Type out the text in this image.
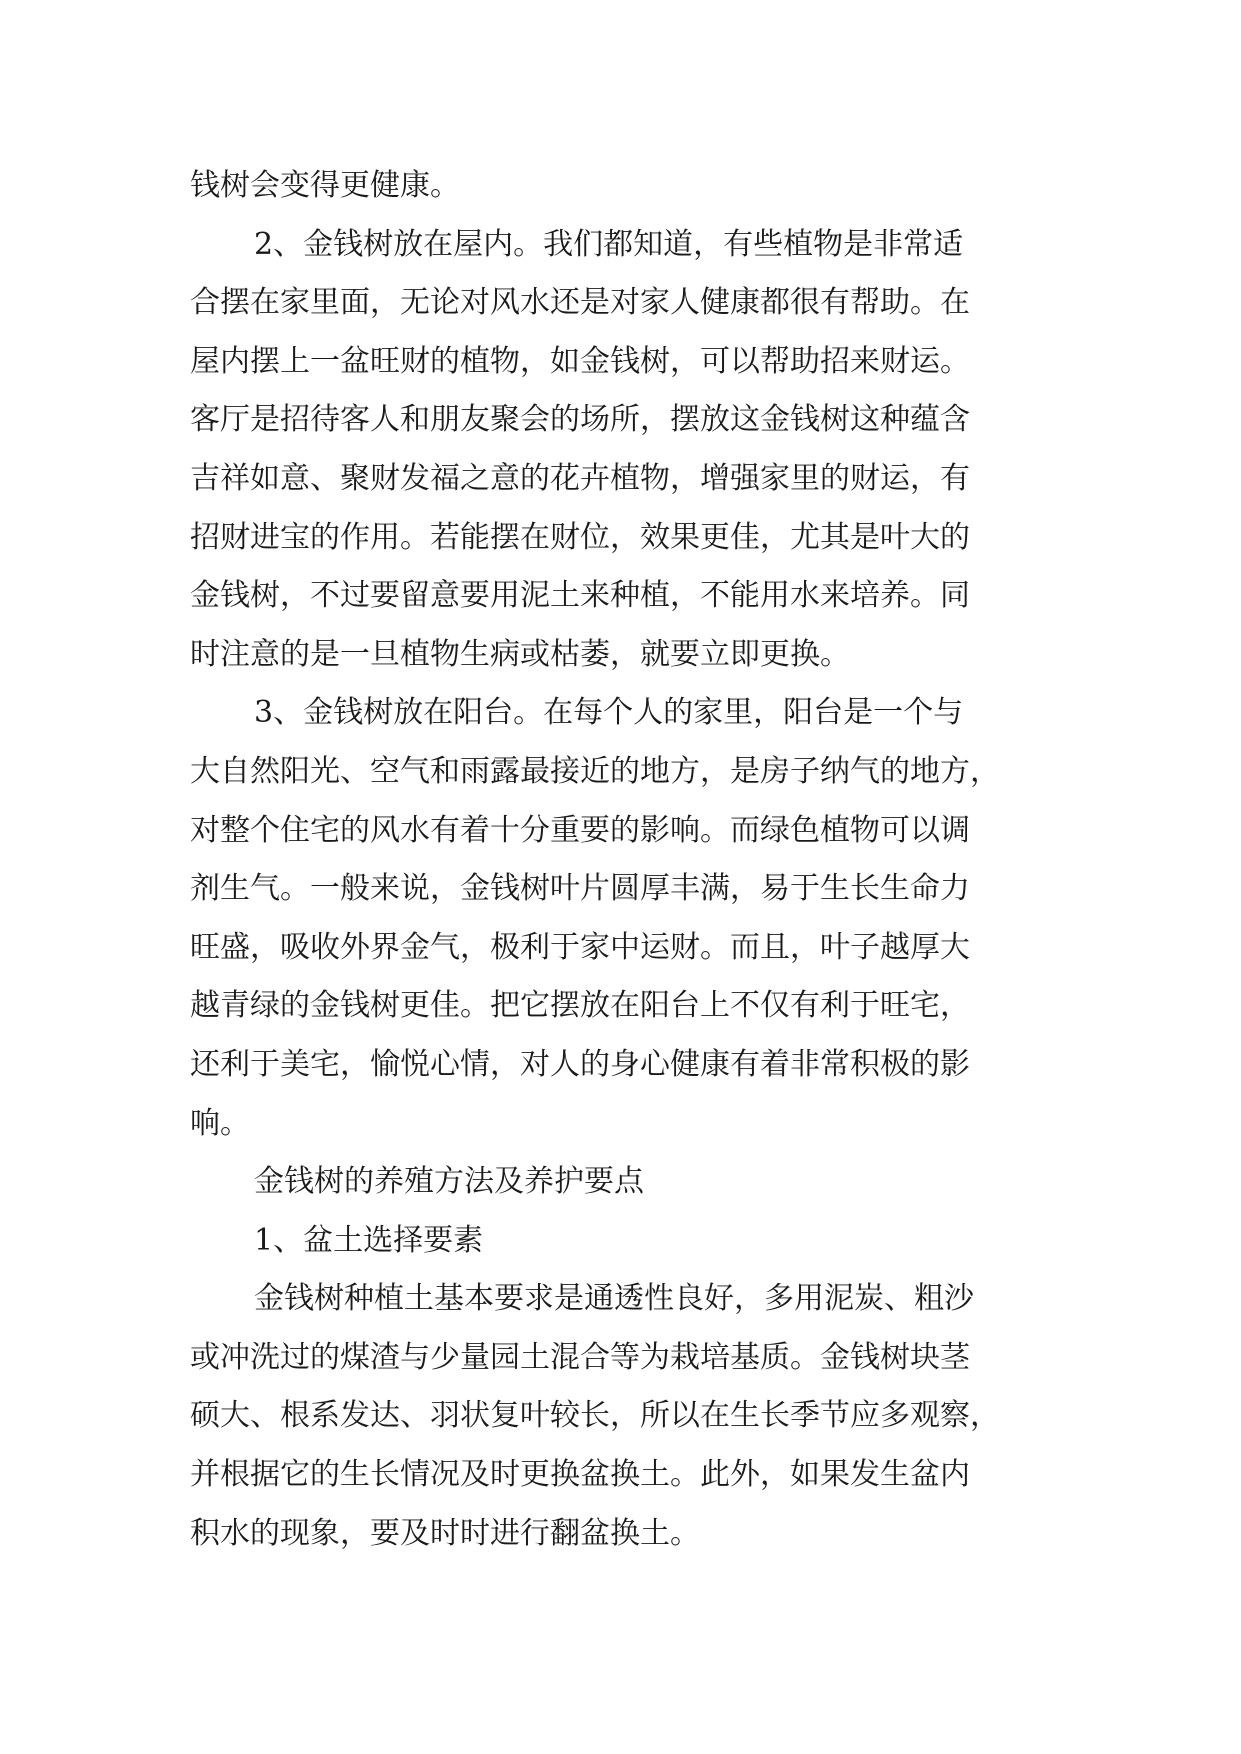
钱树会变得更健康。
2、金钱树放在屋内。我们都知道，有些植物是非常适
合摆在家里面，无论对风水还是对家人健康都很有帮助。在
屋内摆上一盆旺财的植物，如金钱树，可以帮助招来财运。
客厅是招待客人和朋友聚会的场所，摆放这金钱树这种蕴含
吉祥如意、聚财发福之意的花卉植物，增强家里的财运，有
招财进宝的作用。若能摆在财位，效果更佳，尤其是叶大的
金钱树，不过要留意要用泥土来种植，不能用水来培养。同
时注意的是一旦植物生病或枯萎，就要立即更换。
3、金钱树放在阳台。在每个人的家里，阳台是一个与
大自然阳光、空气和雨露最接近的地方，是房子纳气的地方，
对整个住宅的风水有着十分重要的影响。而绿色植物可以调
剂生气。一般来说，金钱树叶片圆厚丰满，易于生长生命力
旺盛，吸收外界金气，极利于家中运财。而且，叶子越厚大
越青绿的金钱树更佳。把它摆放在阳台上不仅有利于旺宅，
还利于美宅，愉悦心情，对人的身心健康有着非常积极的影
响。
金钱树的养殖方法及养护要点
1、盆土选择要素
金钱树种植土基本要求是通透性良好，多用泥炭、粗沙
或冲洗过的煤渣与少量园土混合等为栽培基质。金钱树块茎
硕大、根系发达、羽状复叶较长，所以在生长季节应多观察，
并根据它的生长情况及时更换盆换土。此外，如果发生盆内
积水的现象，要及时时进行翻盆换土。
